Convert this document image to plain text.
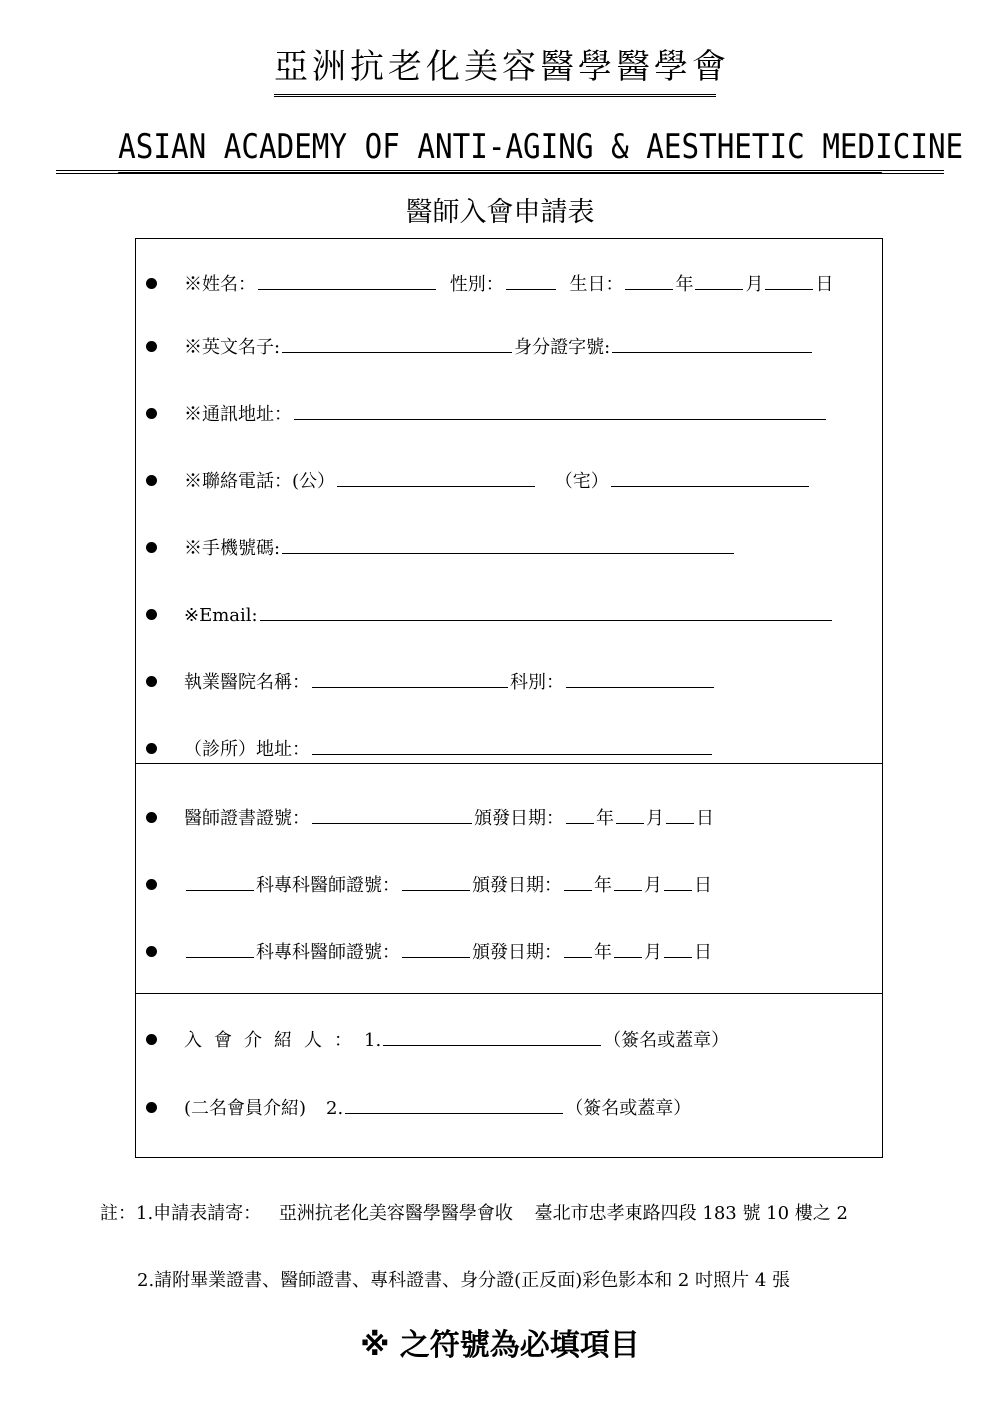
亞洲抗老化美容醫學醫學會
ASIAN ACADEMY OF ANTI-AGING & AESTHETIC MEDICINE
醫師入會申請表
※姓名：	性別：	生日：	年	月	日
※英文名子:	身分證字號:
※通訊地址：
※聯絡電話：(公）	（宅）
※手機號碼:
※Email:
執業醫院名稱：	科別：
（診所）地址：
醫師證書證號：	頒發日期： 年 月 日
科專科醫師證號：	頒發日期： 年 月 日
科專科醫師證號：	頒發日期： 年 月 日
入會介紹人：1.	（簽名或蓋章）
(二名會員介紹) 2.	（簽名或蓋章）
註：1.申請表請寄： 亞洲抗老化美容醫學醫學會收 臺北市忠孝東路四段 183 號 10 樓之 2
2.請附畢業證書、醫師證書、專科證書、身分證(正反面)彩色影本和 2 吋照片 4 張
※ 之符號為必填項目
